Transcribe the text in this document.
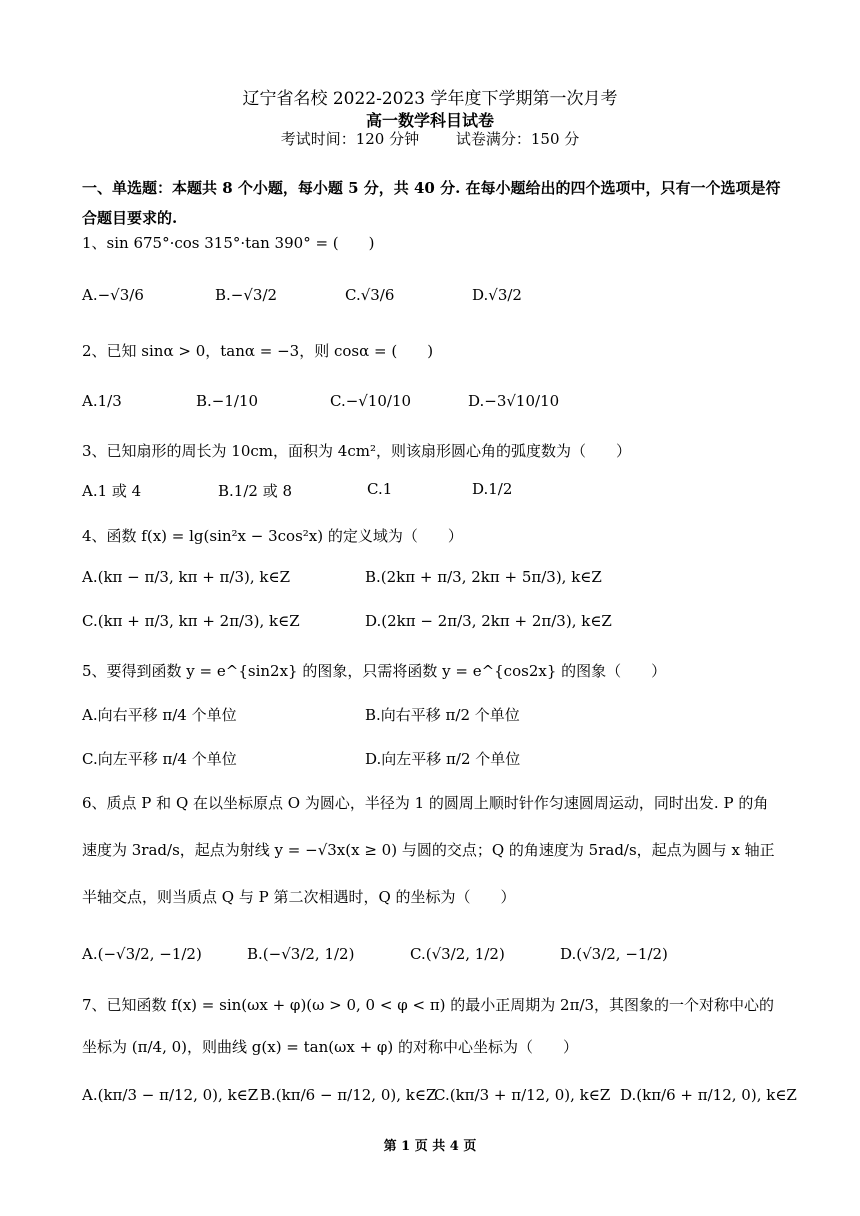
辽宁省名校 2022-2023 学年度下学期第一次月考
高一数学科目试卷
考试时间：120 分钟 试卷满分：150 分
一、单选题：本题共 8 个小题，每小题 5 分，共 40 分. 在每小题给出的四个选项中，只有一个选项是符合题目要求的.
1、sin 675°·cos 315°·tan 390° = (　　)
A.−√3/6	B.−√3/2	C.√3/6	D.√3/2
2、已知 sinα > 0，tanα = −3，则 cosα = (　　)
A.1/3	B.−1/10	C.−√10/10	D.−3√10/10
3、已知扇形的周长为 10cm，面积为 4cm²，则该扇形圆心角的弧度数为（　　）
A.1 或 4	B.1/2 或 8	C.1	D.1/2
4、函数 f(x) = lg(sin²x − 3cos²x) 的定义域为（　　）
A.(kπ − π/3, kπ + π/3), k∈Z	B.(2kπ + π/3, 2kπ + 5π/3), k∈Z
C.(kπ + π/3, kπ + 2π/3), k∈Z	D.(2kπ − 2π/3, 2kπ + 2π/3), k∈Z
5、要得到函数 y = e^{sin2x} 的图象，只需将函数 y = e^{cos2x} 的图象（　　）
A.向右平移 π/4 个单位	B.向右平移 π/2 个单位
C.向左平移 π/4 个单位	D.向左平移 π/2 个单位
6、质点 P 和 Q 在以坐标原点 O 为圆心，半径为 1 的圆周上顺时针作匀速圆周运动，同时出发. P 的角速度为 3rad/s，起点为射线 y = −√3x(x ≥ 0) 与圆的交点；Q 的角速度为 5rad/s，起点为圆与 x 轴正半轴交点，则当质点 Q 与 P 第二次相遇时，Q 的坐标为（　　）
A.(−√3/2, −1/2)	B.(−√3/2, 1/2)	C.(√3/2, 1/2)	D.(√3/2, −1/2)
7、已知函数 f(x) = sin(ωx + φ)(ω > 0, 0 < φ < π) 的最小正周期为 2π/3，其图象的一个对称中心的坐标为 (π/4, 0)，则曲线 g(x) = tan(ωx + φ) 的对称中心坐标为（　　）
A.(kπ/3 − π/12, 0), k∈Z B.(kπ/6 − π/12, 0), k∈Z
C.(kπ/3 + π/12, 0), k∈Z D.(kπ/6 + π/12, 0), k∈Z
第 1 页 共 4 页
